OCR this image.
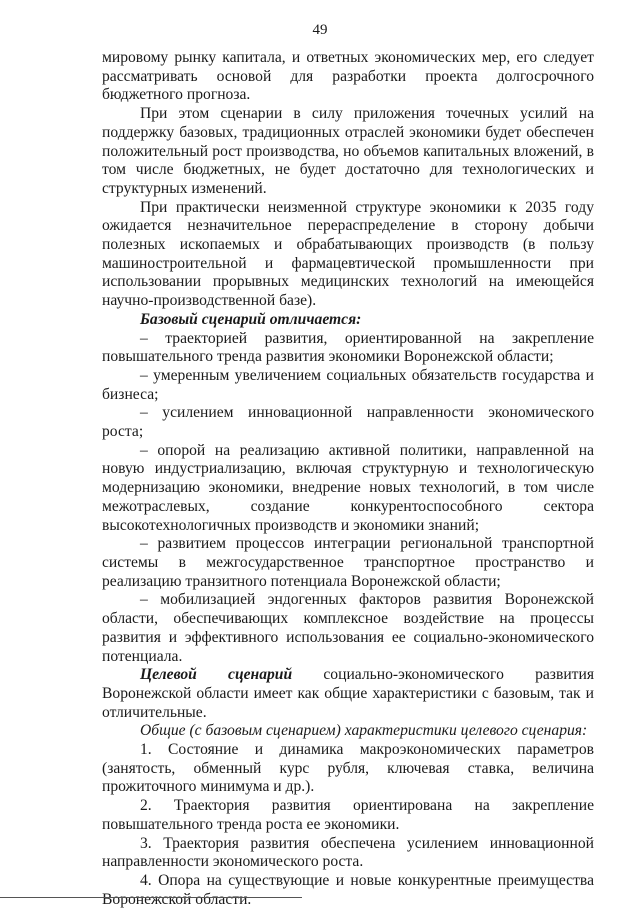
49

мировому рынку капитала, и ответных экономических мер, его следует рассматривать основой для разработки проекта долгосрочного бюджетного прогноза.

При этом сценарии в силу приложения точечных усилий на поддержку базовых, традиционных отраслей экономики будет обеспечен положительный рост производства, но объемов капитальных вложений, в том числе бюджетных, не будет достаточно для технологических и структурных изменений.

При практически неизменной структуре экономики к 2035 году ожидается незначительное перераспределение в сторону добычи полезных ископаемых и обрабатывающих производств (в пользу машиностроительной и фармацевтической промышленности при использовании прорывных медицинских технологий на имеющейся научно-производственной базе).

Базовый сценарий отличается:

– траекторией развития, ориентированной на закрепление повышательного тренда развития экономики Воронежской области;

– умеренным увеличением социальных обязательств государства и бизнеса;

– усилением инновационной направленности экономического роста;

– опорой на реализацию активной политики, направленной на новую индустриализацию, включая структурную и технологическую модернизацию экономики, внедрение новых технологий, в том числе межотраслевых, создание конкурентоспособного сектора высокотехнологичных производств и экономики знаний;

– развитием процессов интеграции региональной транспортной системы в межгосударственное транспортное пространство и реализацию транзитного потенциала Воронежской области;

– мобилизацией эндогенных факторов развития Воронежской области, обеспечивающих комплексное воздействие на процессы развития и эффективного использования ее социально-экономического потенциала.

Целевой сценарий социально-экономического развития Воронежской области имеет как общие характеристики с базовым, так и отличительные.

Общие (с базовым сценарием) характеристики целевого сценария:

1. Состояние и динамика макроэкономических параметров (занятость, обменный курс рубля, ключевая ставка, величина прожиточного минимума и др.).

2. Траектория развития ориентирована на закрепление повышательного тренда роста ее экономики.

3. Траектория развития обеспечена усилением инновационной направленности экономического роста.

4. Опора на существующие и новые конкурентные преимущества Воронежской области.
